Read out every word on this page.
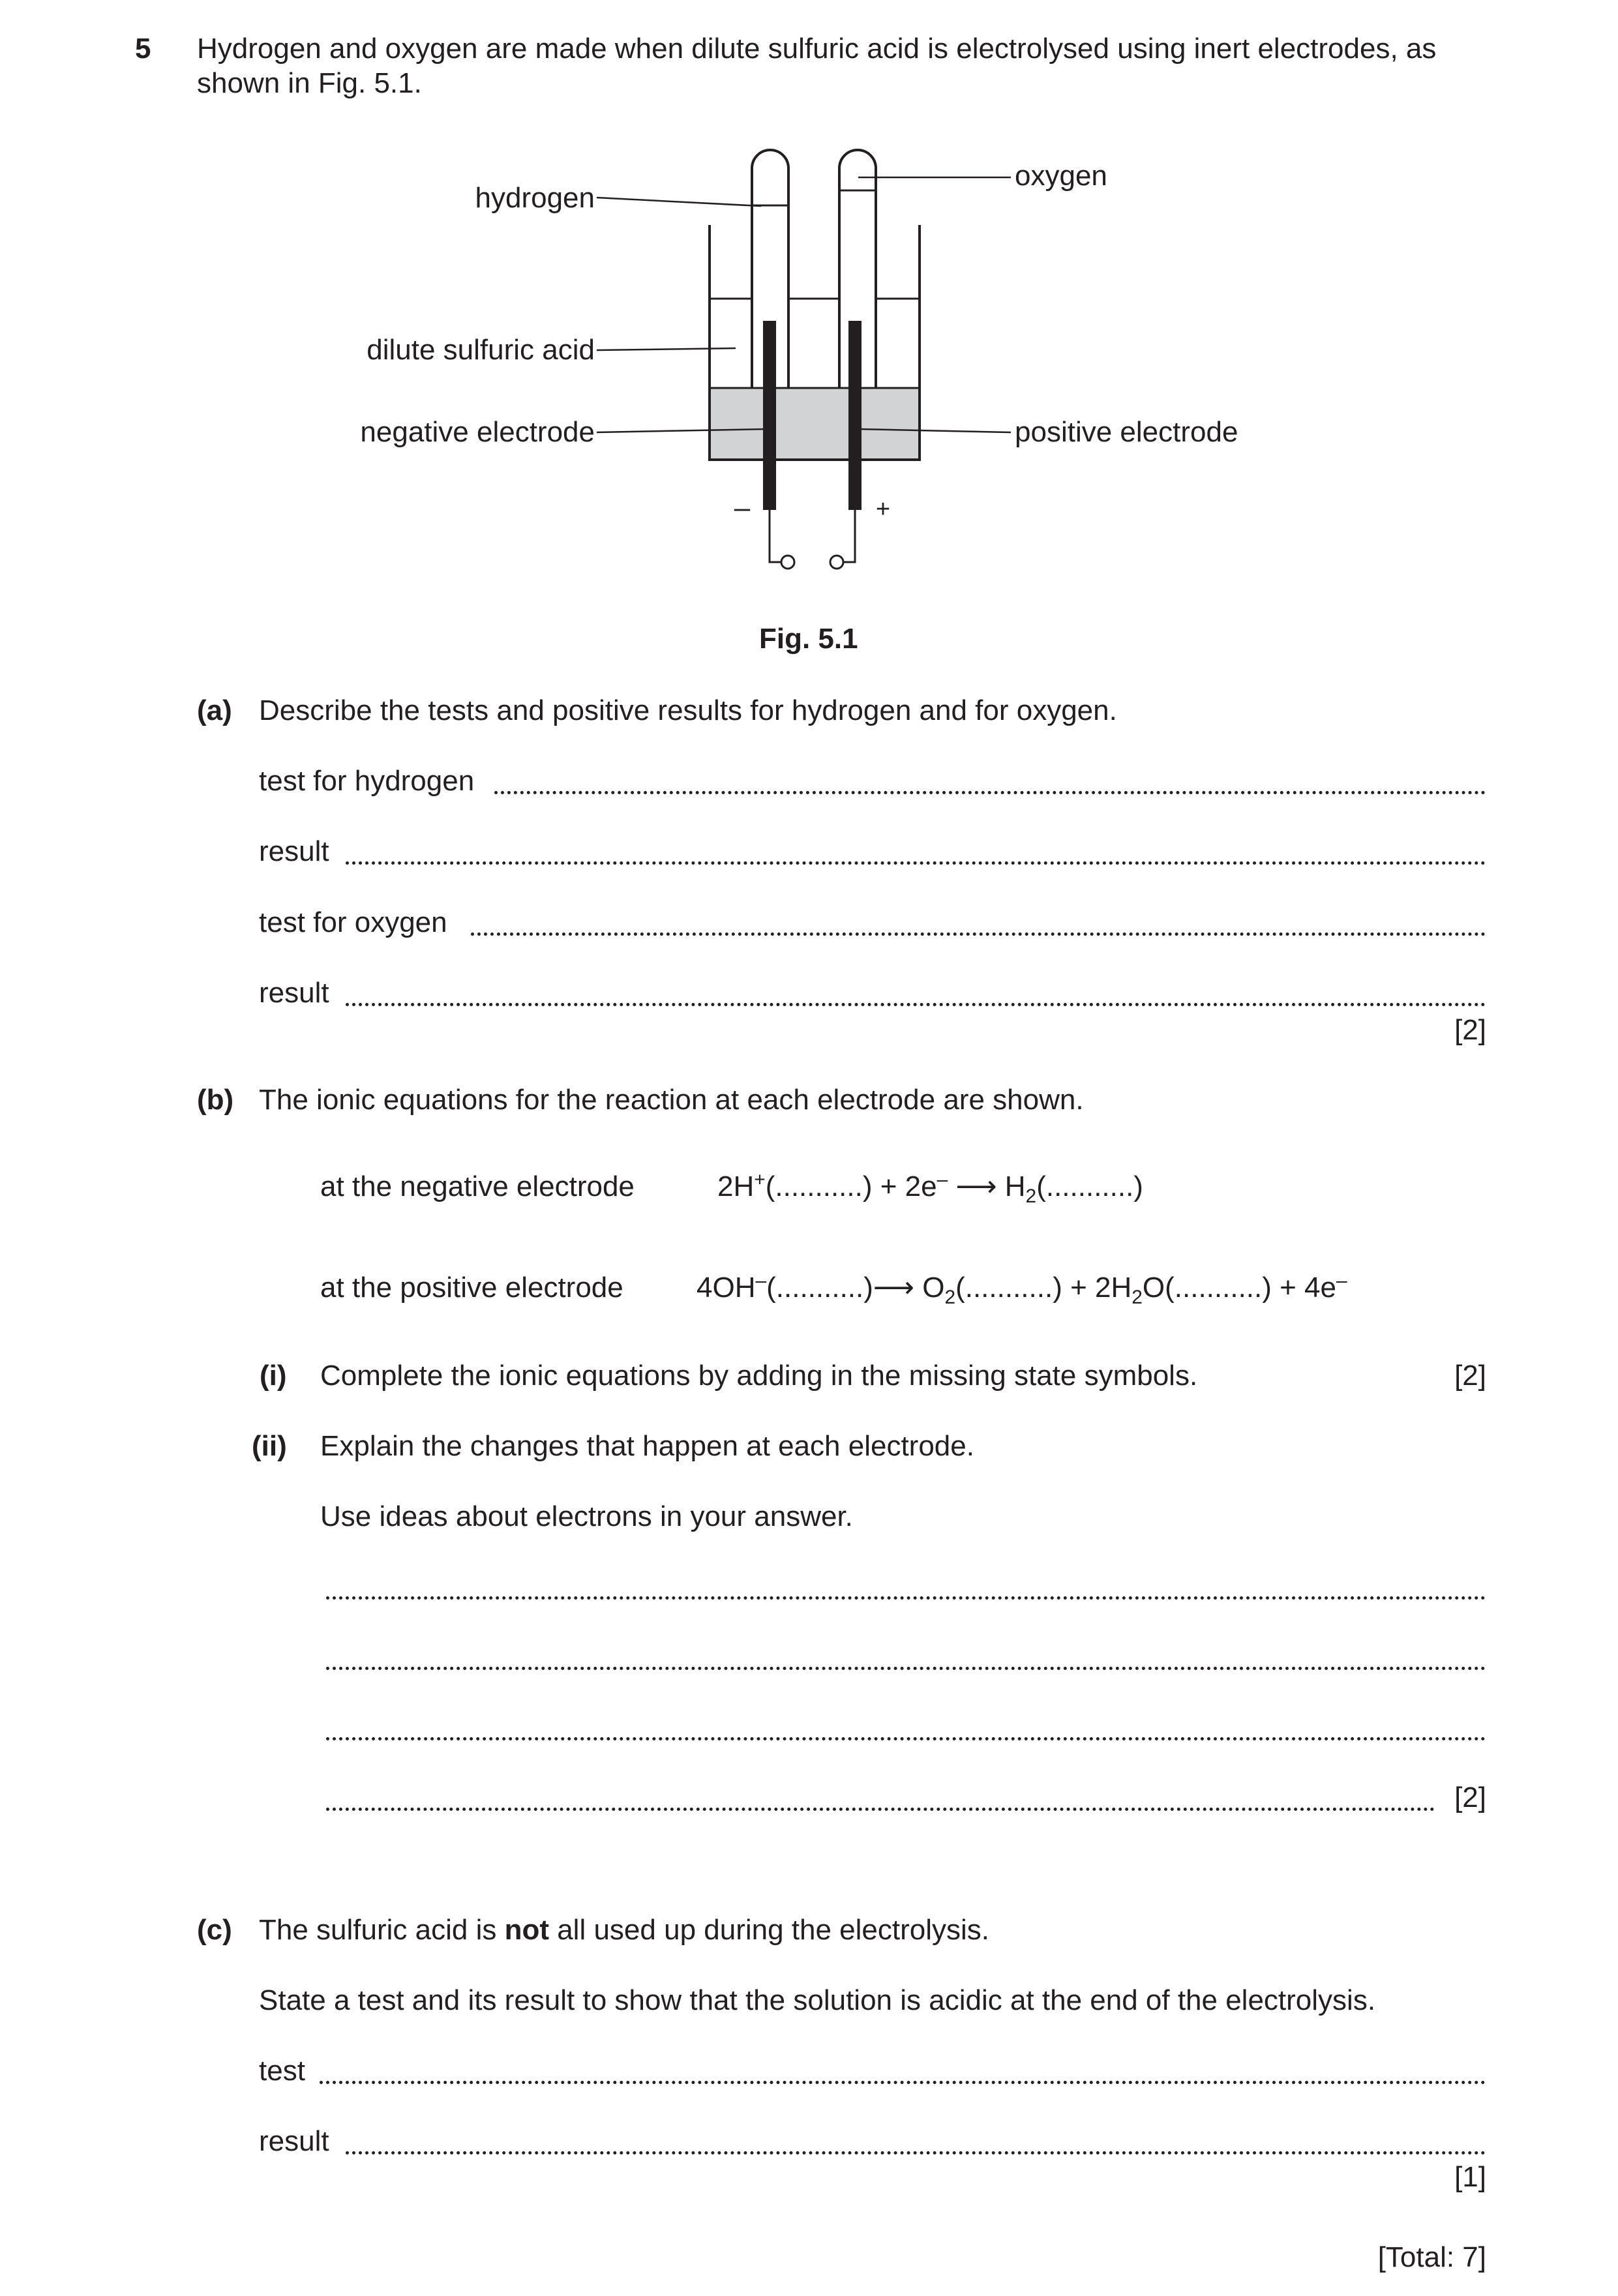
5 Hydrogen and oxygen are made when dilute sulfuric acid is electrolysed using inert electrodes, as
shown in Fig. 5.1.
hydrogen
oxygen
dilute sulfuric acid
negative electrode	positive electrode
–	+
Fig. 5.1
(a) Describe the tests and positive results for hydrogen and for oxygen.
test for hydrogen
result
test for oxygen
result
[2]
(b) The ionic equations for the reaction at each electrode are shown.
at the negative electrode	2H+(...........) + 2e– ⟶ $H_2(...........)$
at the positive electrode	4OH–(...........)⟶ $O_2(...........) + 2H_2O(...........) + 4e^-$
(i) Complete the ionic equations by adding in the missing state symbols.	[2]
(ii) Explain the changes that happen at each electrode.
Use ideas about electrons in your answer.
[2]
(c) The sulfuric acid is not all used up during the electrolysis.
State a test and its result to show that the solution is acidic at the end of the electrolysis.
test
result
[1]
[Total: 7]
